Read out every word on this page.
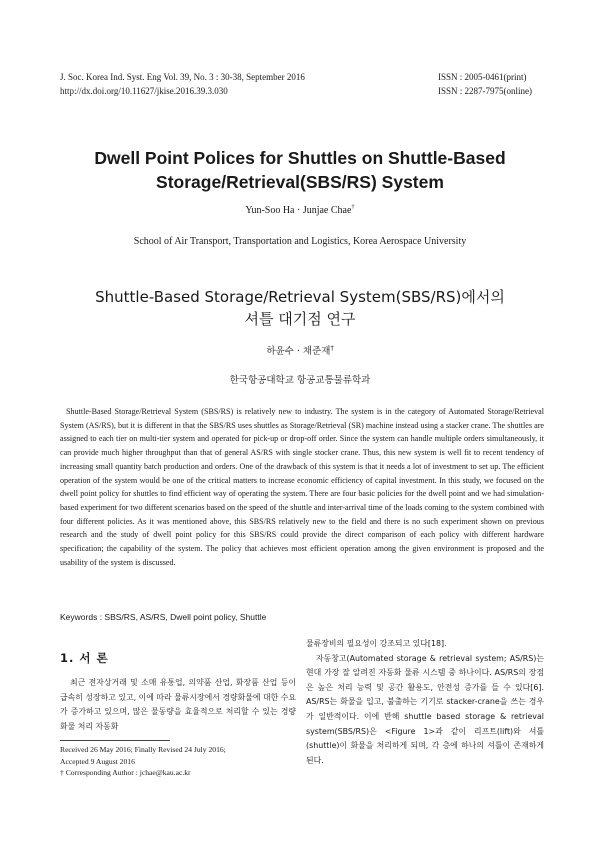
J. Soc. Korea Ind. Syst. Eng Vol. 39, No. 3 : 30-38, September 2016
http://dx.doi.org/10.11627/jkise.2016.39.3.030
ISSN : 2005-0461(print)
ISSN : 2287-7975(online)
Dwell Point Polices for Shuttles on Shuttle-Based
Storage/Retrieval(SBS/RS) System
Yun-Soo Ha · Junjae Chae†
School of Air Transport, Transportation and Logistics, Korea Aerospace University
Shuttle-Based Storage/Retrieval System(SBS/RS)에서의
셔틀 대기점 연구
하윤수 · 채준재†
한국항공대학교 항공교통물류학과

Shuttle-Based Storage/Retrieval System (SBS/RS) is relatively new to industry. The system is in the category of Automated Storage/Retrieval System (AS/RS), but it is different in that the SBS/RS uses shuttles as Storage/Retrieval (SR) machine instead using a stacker crane. The shuttles are assigned to each tier on multi-tier system and operated for pick-up or drop-off order. Since the system can handle multiple orders simultaneously, it can provide much higher throughput than that of general AS/RS with single stocker crane. Thus, this new system is well fit to recent tendency of increasing small quantity batch production and orders. One of the drawback of this system is that it needs a lot of investment to set up. The efficient operation of the system would be one of the critical matters to increase economic efficiency of capital investment. In this study, we focused on the dwell point policy for shuttles to find efficient way of operating the system. There are four basic policies for the dwell point and we had simulation-based experiment for two different scenarios based on the speed of the shuttle and inter-arrival time of the loads coming to the system combined with four different policies. As it was mentioned above, this SBS/RS relatively new to the field and there is no such experiment shown on previous research and the study of dwell point policy for this SBS/RS could provide the direct comparison of each policy with different hardware specification; the capability of the system. The policy that achieves most efficient operation among the given environment is proposed and the usability of the system is discussed.

Keywords : SBS/RS, AS/RS, Dwell point policy, Shuttle
1. 서 론

최근 전자상거래 및 소매 유통업, 의약품 산업, 화장품 산업 등이 급속히 성장하고 있고, 이에 따라 물류시장에서 경량화물에 대한 수요가 증가하고 있으며, 많은 물동량을 효율적으로 처리할 수 있는 경량화물 처리 자동화

Received 26 May 2016; Finally Revised 24 July 2016;
Accepted 9 August 2016
† Corresponding Author : jchae@kau.ac.kr

물류장비의 필요성이 강조되고 있다[18].

자동창고(Automated storage & retrieval system; AS/RS)는 현대 가장 잘 알려진 자동화 물류 시스템 중 하나이다. AS/RS의 장점은 높은 처리 능력 및 공간 활용도, 안전성 증가를 들 수 있다[6]. AS/RS는 화물을 입고, 불출하는 기기로 stacker-crane을 쓰는 경우가 일반적이다. 이에 반해 shuttle based storage & retrieval system(SBS/RS)은 <Figure 1>과 같이 리프트(lift)와 셔틀(shuttle)이 화물을 처리하게 되며, 각 층에 하나의 셔틀이 존재하게 된다.
